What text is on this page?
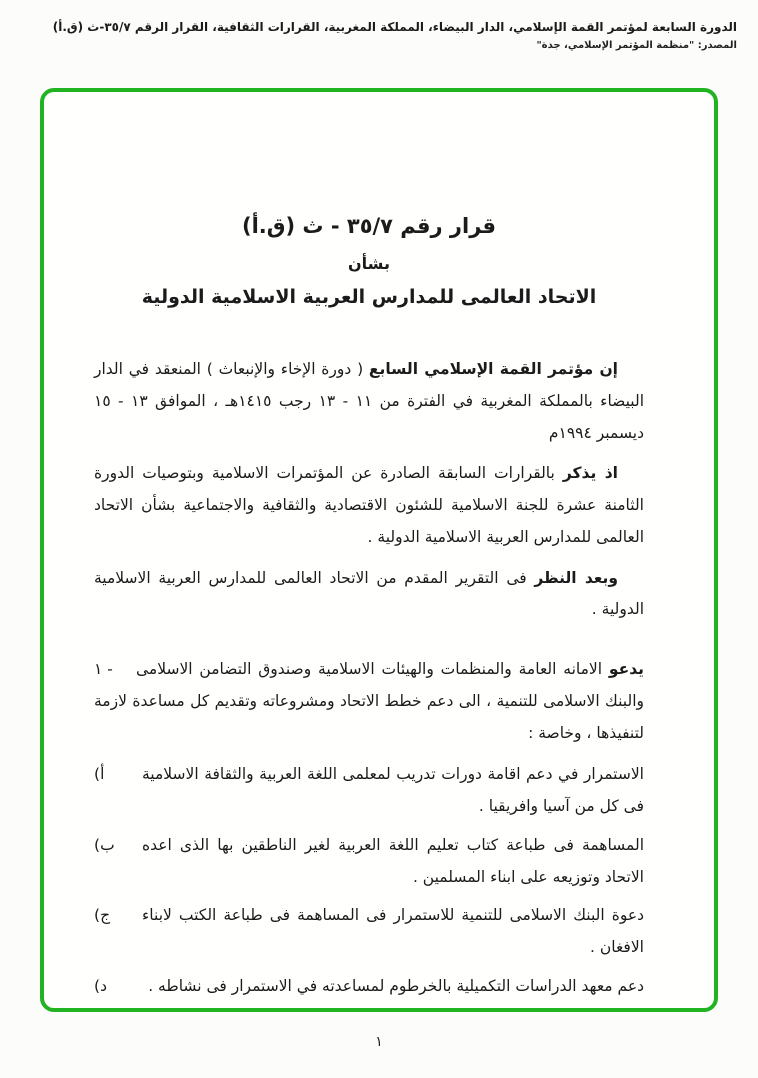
الدورة السابعة لمؤتمر القمة الإسلامي، الدار البيضاء، المملكة المغربية، القرارات الثقافية، القرار الرقم ٣٥/٧-ث (ق.أ)
المصدر: "منظمة المؤتمر الإسلامي، جدة"
قرار رقم ٣٥/٧ - ث (ق.أ)
بشأن
الاتحاد العالمى للمدارس العربية الاسلامية الدولية

إن مؤتمر القمة الإسلامي السابع ( دورة الإخاء والإنبعاث ) المنعقد في الدار البيضاء بالمملكة المغربية في الفترة من ١١ - ١٣ رجب ١٤١٥هـ ، الموافق ١٣ - ١٥ ديسمبر ١٩٩٤م

اذ يذكر بالقرارات السابقة الصادرة عن المؤتمرات الاسلامية وبتوصيات الدورة الثامنة عشرة للجنة الاسلامية للشئون الاقتصادية والثقافية والاجتماعية بشأن الاتحاد العالمى للمدارس العربية الاسلامية الدولية .

وبعد النظر فى التقرير المقدم من الاتحاد العالمى للمدارس العربية الاسلامية الدولية .

١ -	يدعو الامانه العامة والمنظمات والهيئات الاسلامية وصندوق التضامن الاسلامى والبنك الاسلامى للتنمية ، الى دعم خطط الاتحاد ومشروعاته وتقديم كل مساعدة لازمة لتنفيذها ، وخاصة :
(أ	الاستمرار في دعم اقامة دورات تدريب لمعلمى اللغة العربية والثقافة الاسلامية فى كل من آسيا وافريقيا .
(ب	المساهمة فى طباعة كتاب تعليم اللغة العربية لغير الناطقين بها الذى اعده الاتحاد وتوزيعه على ابناء المسلمين .
(ج	دعوة البنك الاسلامى للتنمية للاستمرار فى المساهمة فى طباعة الكتب لابناء الافغان .
(د	دعم معهد الدراسات التكميلية بالخرطوم لمساعدته في الاستمرار فى نشاطه .
١
